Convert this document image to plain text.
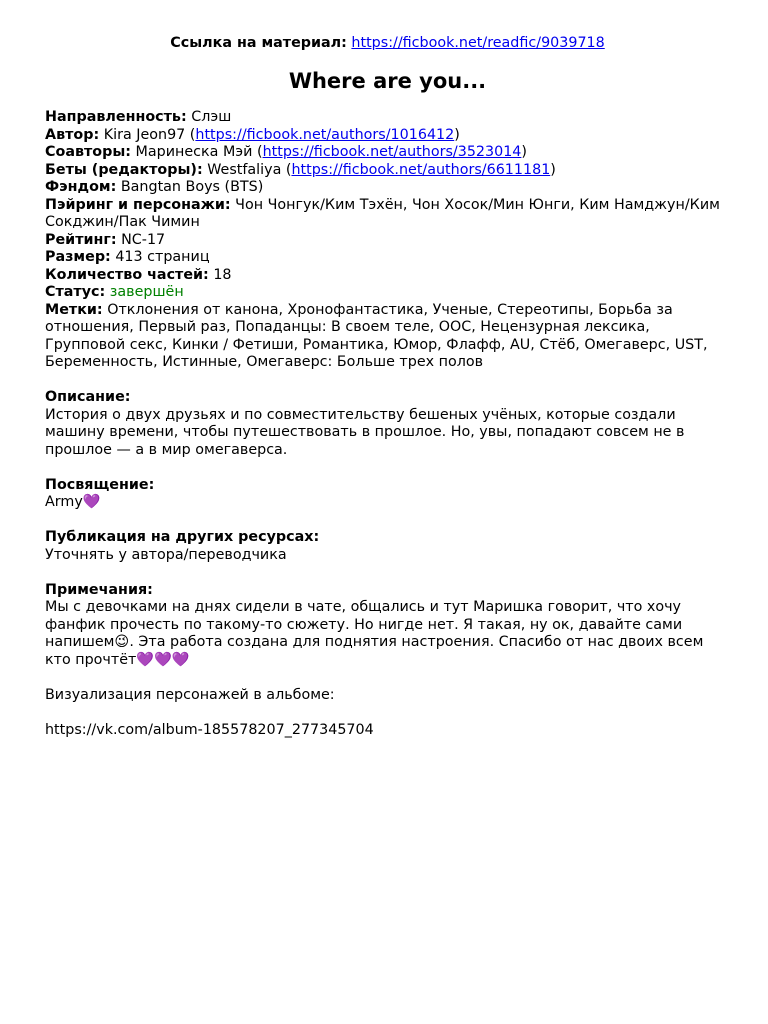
Ссылка на материал: https://ficbook.net/readfic/9039718
Where are you...
Направленность: Слэш
Автор: Kira Jeon97 (https://ficbook.net/authors/1016412)
Соавторы: Маринеска Мэй (https://ficbook.net/authors/3523014)
Беты (редакторы): Westfaliya (https://ficbook.net/authors/6611181)
Фэндом: Bangtan Boys (BTS)
Пэйринг и персонажи: Чон Чонгук/Ким Тэхён, Чон Хосок/Мин Юнги, Ким Намджун/Ким Сокджин/Пак Чимин
Рейтинг: NC-17
Размер: 413 страниц
Количество частей: 18
Статус: завершён
Метки: Отклонения от канона, Хронофантастика, Ученые, Стереотипы, Борьба за отношения, Первый раз, Попаданцы: В своем теле, ООС, Нецензурная лексика, Групповой секс, Кинки / Фетиши, Романтика, Юмор, Флафф, AU, Стёб, Омегаверс, UST, Беременность, Истинные, Омегаверс: Больше трех полов
Описание:
История о двух друзьях и по совместительству бешеных учёных, которые создали машину времени, чтобы путешествовать в прошлое. Но, увы, попадают совсем не в прошлое — а в мир омегаверса.
Посвящение:
Army💜
Публикация на других ресурсах:
Уточнять у автора/переводчика
Примечания:
Мы с девочками на днях сидели в чате, общались и тут Маришка говорит, что хочу фанфик прочесть по такому-то сюжету. Но нигде нет. Я такая, ну ок, давайте сами напишем😉. Эта работа создана для поднятия настроения. Спасибо от нас двоих всем кто прочтёт💜💜💜
Визуализация персонажей в альбоме:
https://vk.com/album-185578207_277345704
